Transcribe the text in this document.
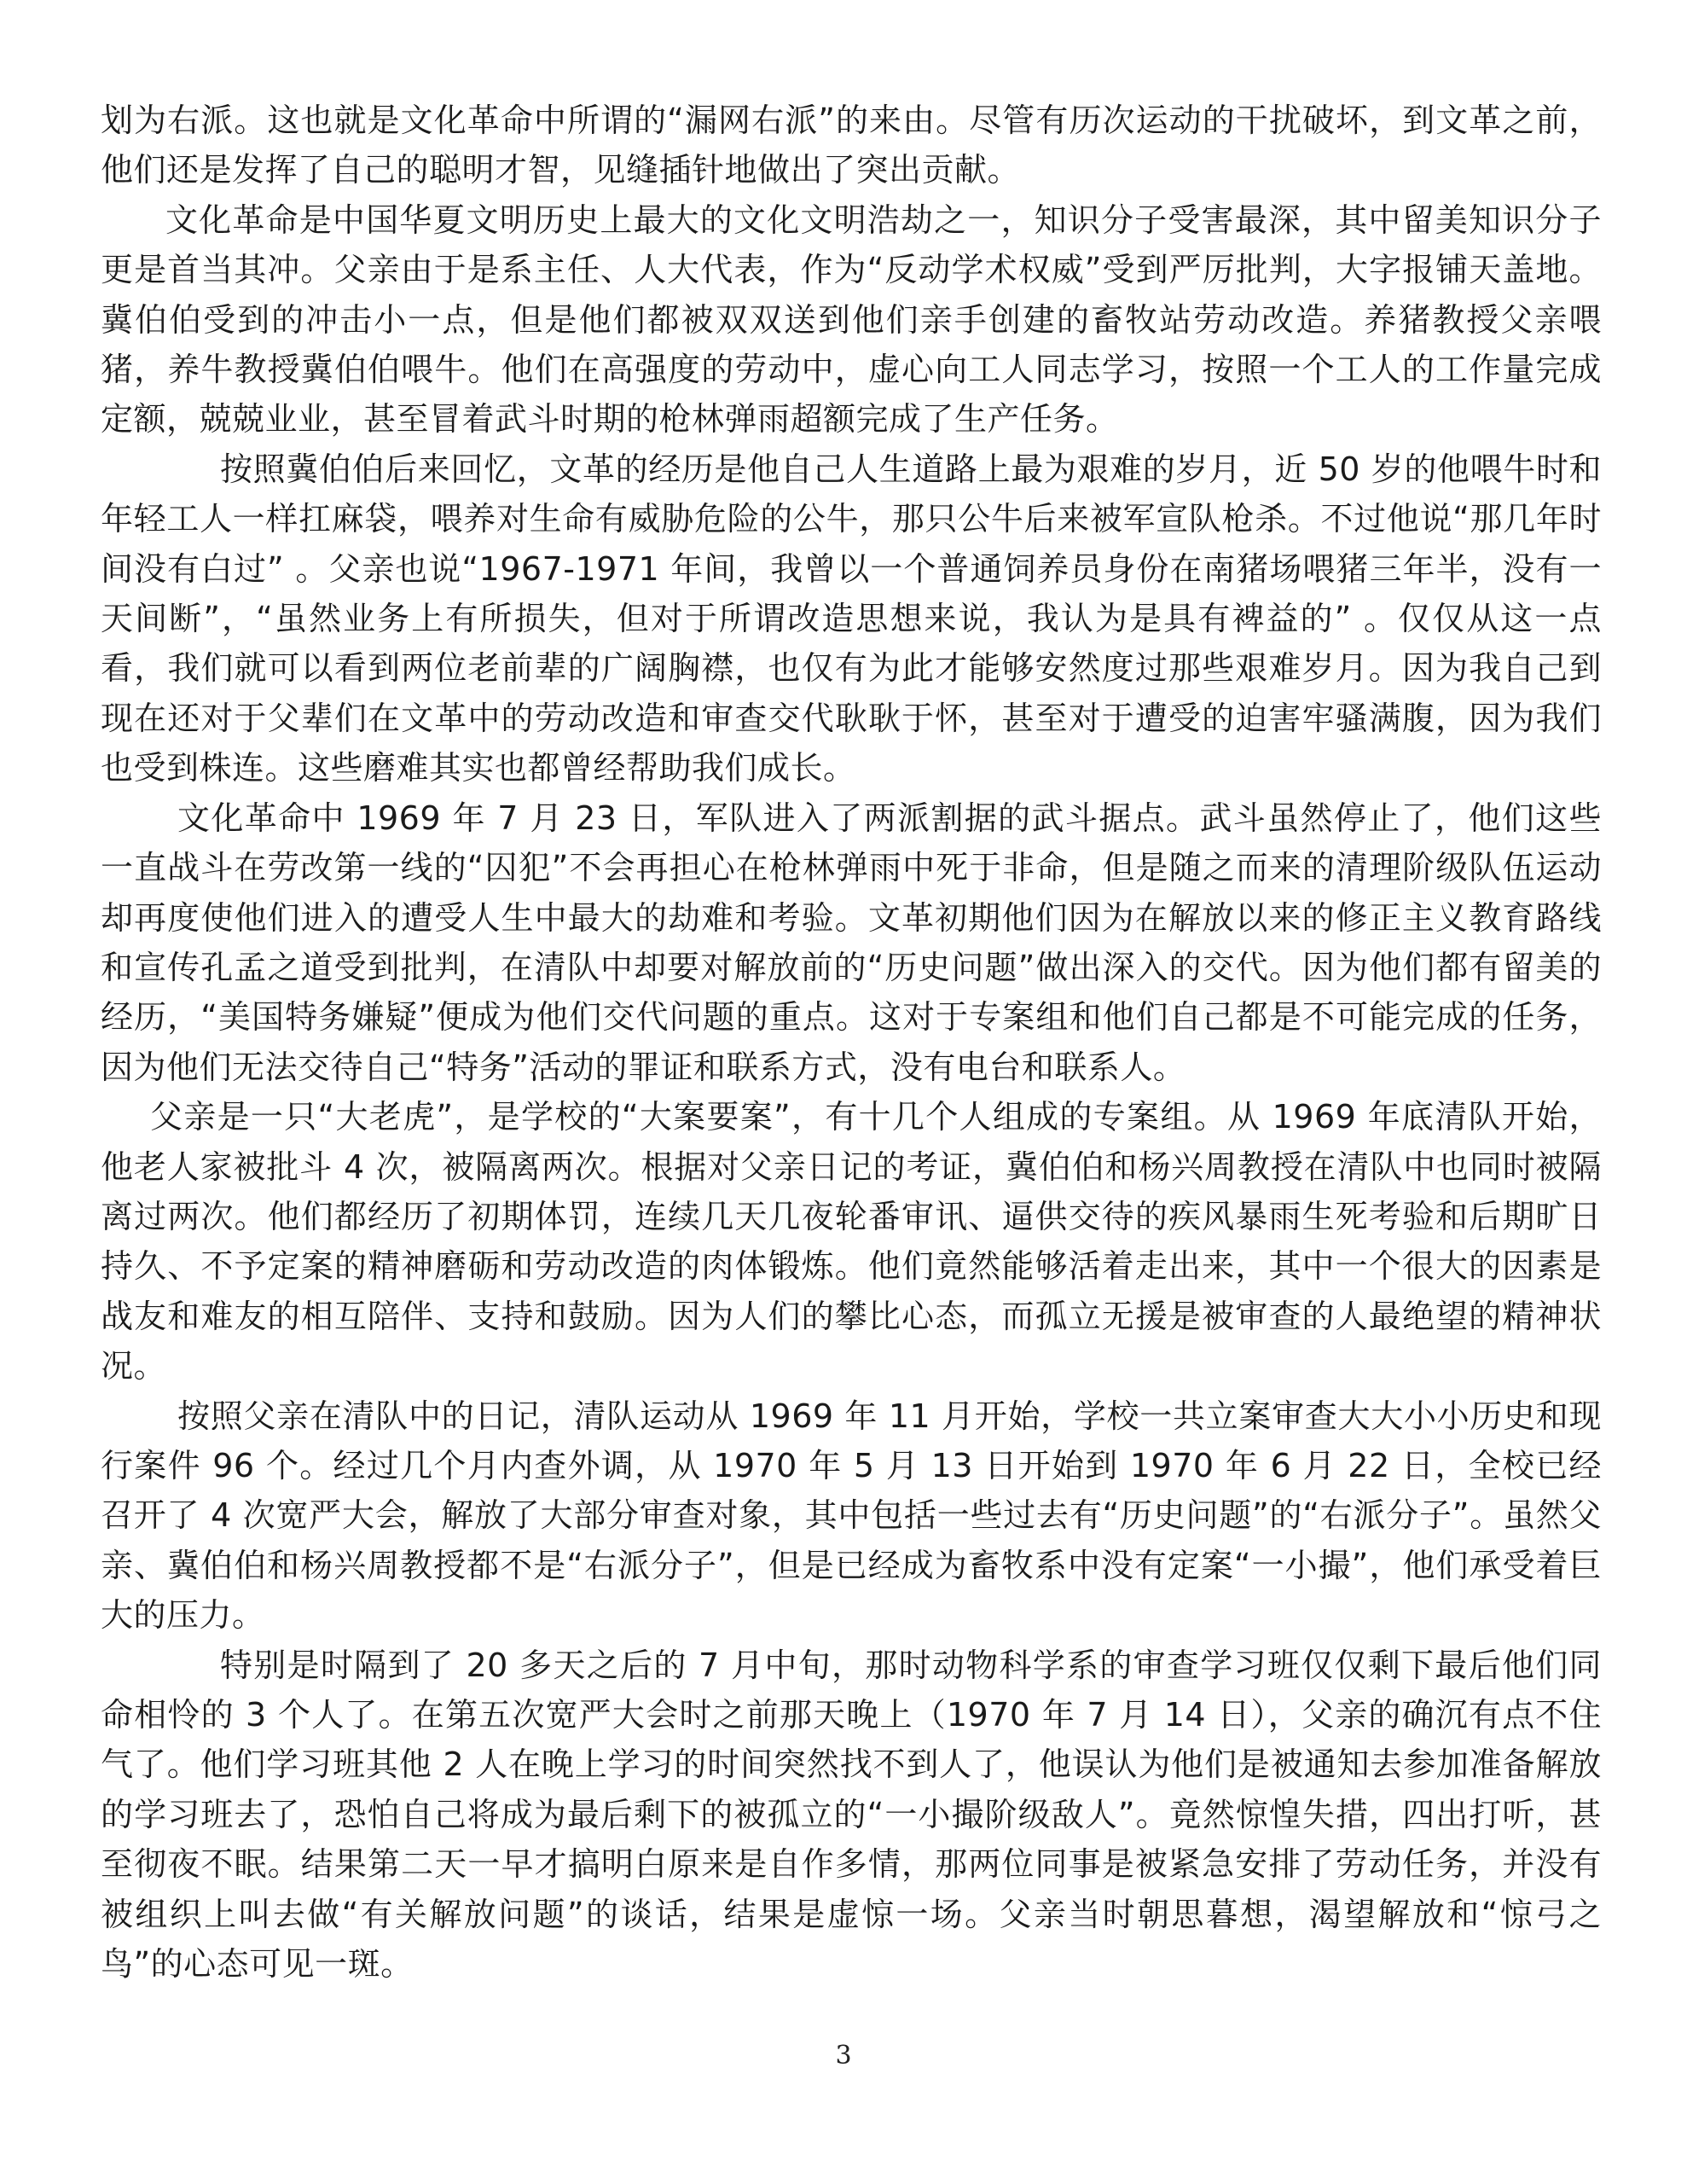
划为右派。这也就是文化革命中所谓的“漏网右派”的来由。尽管有历次运动的干扰破坏，到文革之前，他们还是发挥了自己的聪明才智，见缝插针地做出了突出贡献。

文化革命是中国华夏文明历史上最大的文化文明浩劫之一，知识分子受害最深，其中留美知识分子更是首当其冲。父亲由于是系主任、人大代表，作为“反动学术权威”受到严厉批判，大字报铺天盖地。冀伯伯受到的冲击小一点，但是他们都被双双送到他们亲手创建的畜牧站劳动改造。养猪教授父亲喂猪，养牛教授冀伯伯喂牛。他们在高强度的劳动中，虚心向工人同志学习，按照一个工人的工作量完成定额，兢兢业业，甚至冒着武斗时期的枪林弹雨超额完成了生产任务。

按照冀伯伯后来回忆，文革的经历是他自己人生道路上最为艰难的岁月，近 50 岁的他喂牛时和年轻工人一样扛麻袋，喂养对生命有威胁危险的公牛，那只公牛后来被军宣队枪杀。不过他说“那几年时间没有白过” 。父亲也说“1967-1971 年间，我曾以一个普通饲养员身份在南猪场喂猪三年半，没有一天间断”，“虽然业务上有所损失，但对于所谓改造思想来说，我认为是具有裨益的” 。仅仅从这一点看，我们就可以看到两位老前辈的广阔胸襟，也仅有为此才能够安然度过那些艰难岁月。因为我自己到现在还对于父辈们在文革中的劳动改造和审查交代耿耿于怀，甚至对于遭受的迫害牢骚满腹，因为我们也受到株连。这些磨难其实也都曾经帮助我们成长。

文化革命中 1969 年 7 月 23 日，军队进入了两派割据的武斗据点。武斗虽然停止了，他们这些一直战斗在劳改第一线的“囚犯”不会再担心在枪林弹雨中死于非命，但是随之而来的清理阶级队伍运动却再度使他们进入的遭受人生中最大的劫难和考验。文革初期他们因为在解放以来的修正主义教育路线和宣传孔孟之道受到批判，在清队中却要对解放前的“历史问题”做出深入的交代。因为他们都有留美的经历，“美国特务嫌疑”便成为他们交代问题的重点。这对于专案组和他们自己都是不可能完成的任务，因为他们无法交待自己“特务”活动的罪证和联系方式，没有电台和联系人。

父亲是一只“大老虎”，是学校的“大案要案”，有十几个人组成的专案组。从 1969 年底清队开始，他老人家被批斗 4 次，被隔离两次。根据对父亲日记的考证，冀伯伯和杨兴周教授在清队中也同时被隔离过两次。他们都经历了初期体罚，连续几天几夜轮番审讯、逼供交待的疾风暴雨生死考验和后期旷日持久、不予定案的精神磨砺和劳动改造的肉体锻炼。他们竟然能够活着走出来，其中一个很大的因素是战友和难友的相互陪伴、支持和鼓励。因为人们的攀比心态，而孤立无援是被审查的人最绝望的精神状况。

按照父亲在清队中的日记，清队运动从 1969 年 11 月开始，学校一共立案审查大大小小历史和现行案件 96 个。经过几个月内查外调，从 1970 年 5 月 13 日开始到 1970 年 6 月 22 日，全校已经召开了 4 次宽严大会，解放了大部分审查对象，其中包括一些过去有“历史问题”的“右派分子”。虽然父亲、冀伯伯和杨兴周教授都不是“右派分子”，但是已经成为畜牧系中没有定案“一小撮”，他们承受着巨大的压力。

特别是时隔到了 20 多天之后的 7 月中旬，那时动物科学系的审查学习班仅仅剩下最后他们同命相怜的 3 个人了。在第五次宽严大会时之前那天晚上（1970 年 7 月 14 日），父亲的确沉有点不住气了。他们学习班其他 2 人在晚上学习的时间突然找不到人了，他误认为他们是被通知去参加准备解放的学习班去了，恐怕自己将成为最后剩下的被孤立的“一小撮阶级敌人”。竟然惊惶失措，四出打听，甚至彻夜不眠。结果第二天一早才搞明白原来是自作多情，那两位同事是被紧急安排了劳动任务，并没有被组织上叫去做“有关解放问题”的谈话，结果是虚惊一场。父亲当时朝思暮想，渴望解放和“惊弓之鸟”的心态可见一斑。

3
